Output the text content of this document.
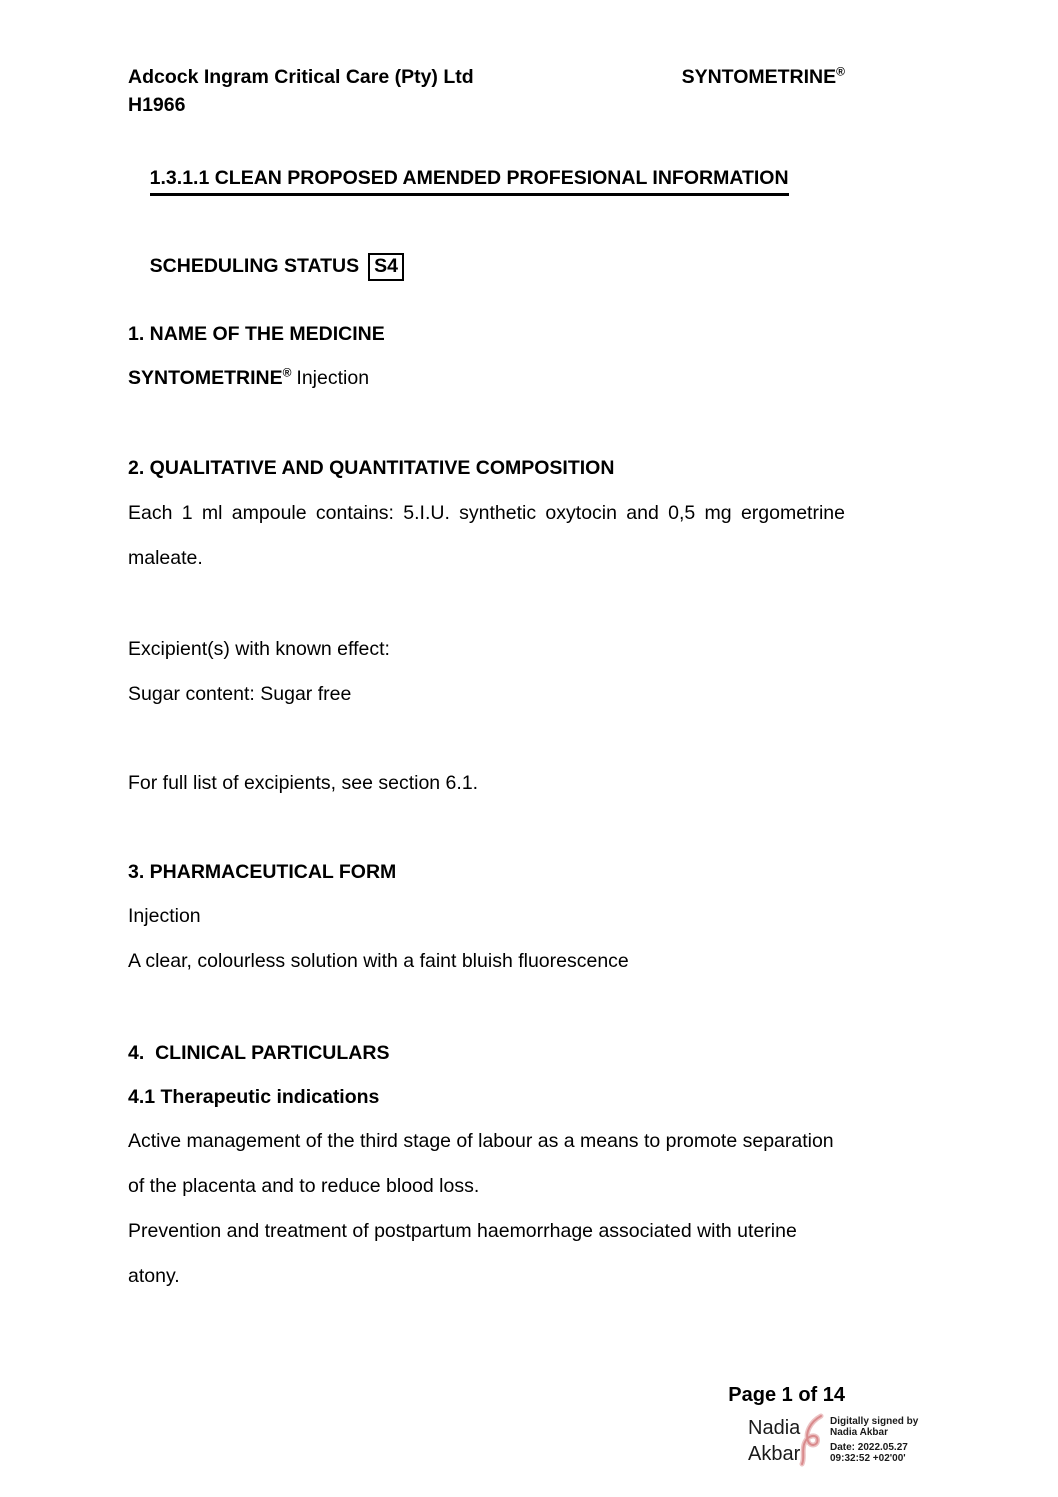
Adcock Ingram Critical Care (Pty) Ltd
H1966
SYNTOMETRINE®

1.3.1.1 CLEAN PROPOSED AMENDED PROFESIONAL INFORMATION

SCHEDULING STATUS S4

1. NAME OF THE MEDICINE
SYNTOMETRINE® Injection
2. QUALITATIVE AND QUANTITATIVE COMPOSITION
Each 1 ml ampoule contains: 5.I.U. synthetic oxytocin and 0,5 mg ergometrine
maleate.
Excipient(s) with known effect:
Sugar content: Sugar free
For full list of excipients, see section 6.1.
3. PHARMACEUTICAL FORM
Injection
A clear, colourless solution with a faint bluish fluorescence
4.  CLINICAL PARTICULARS
4.1 Therapeutic indications
Active management of the third stage of labour as a means to promote separation
of the placenta and to reduce blood loss.
Prevention and treatment of postpartum haemorrhage associated with uterine
atony.
Page 1 of 14
Nadia
Akbar
Digitally signed by
Nadia Akbar
Date: 2022.05.27
09:32:52 +02'00'
